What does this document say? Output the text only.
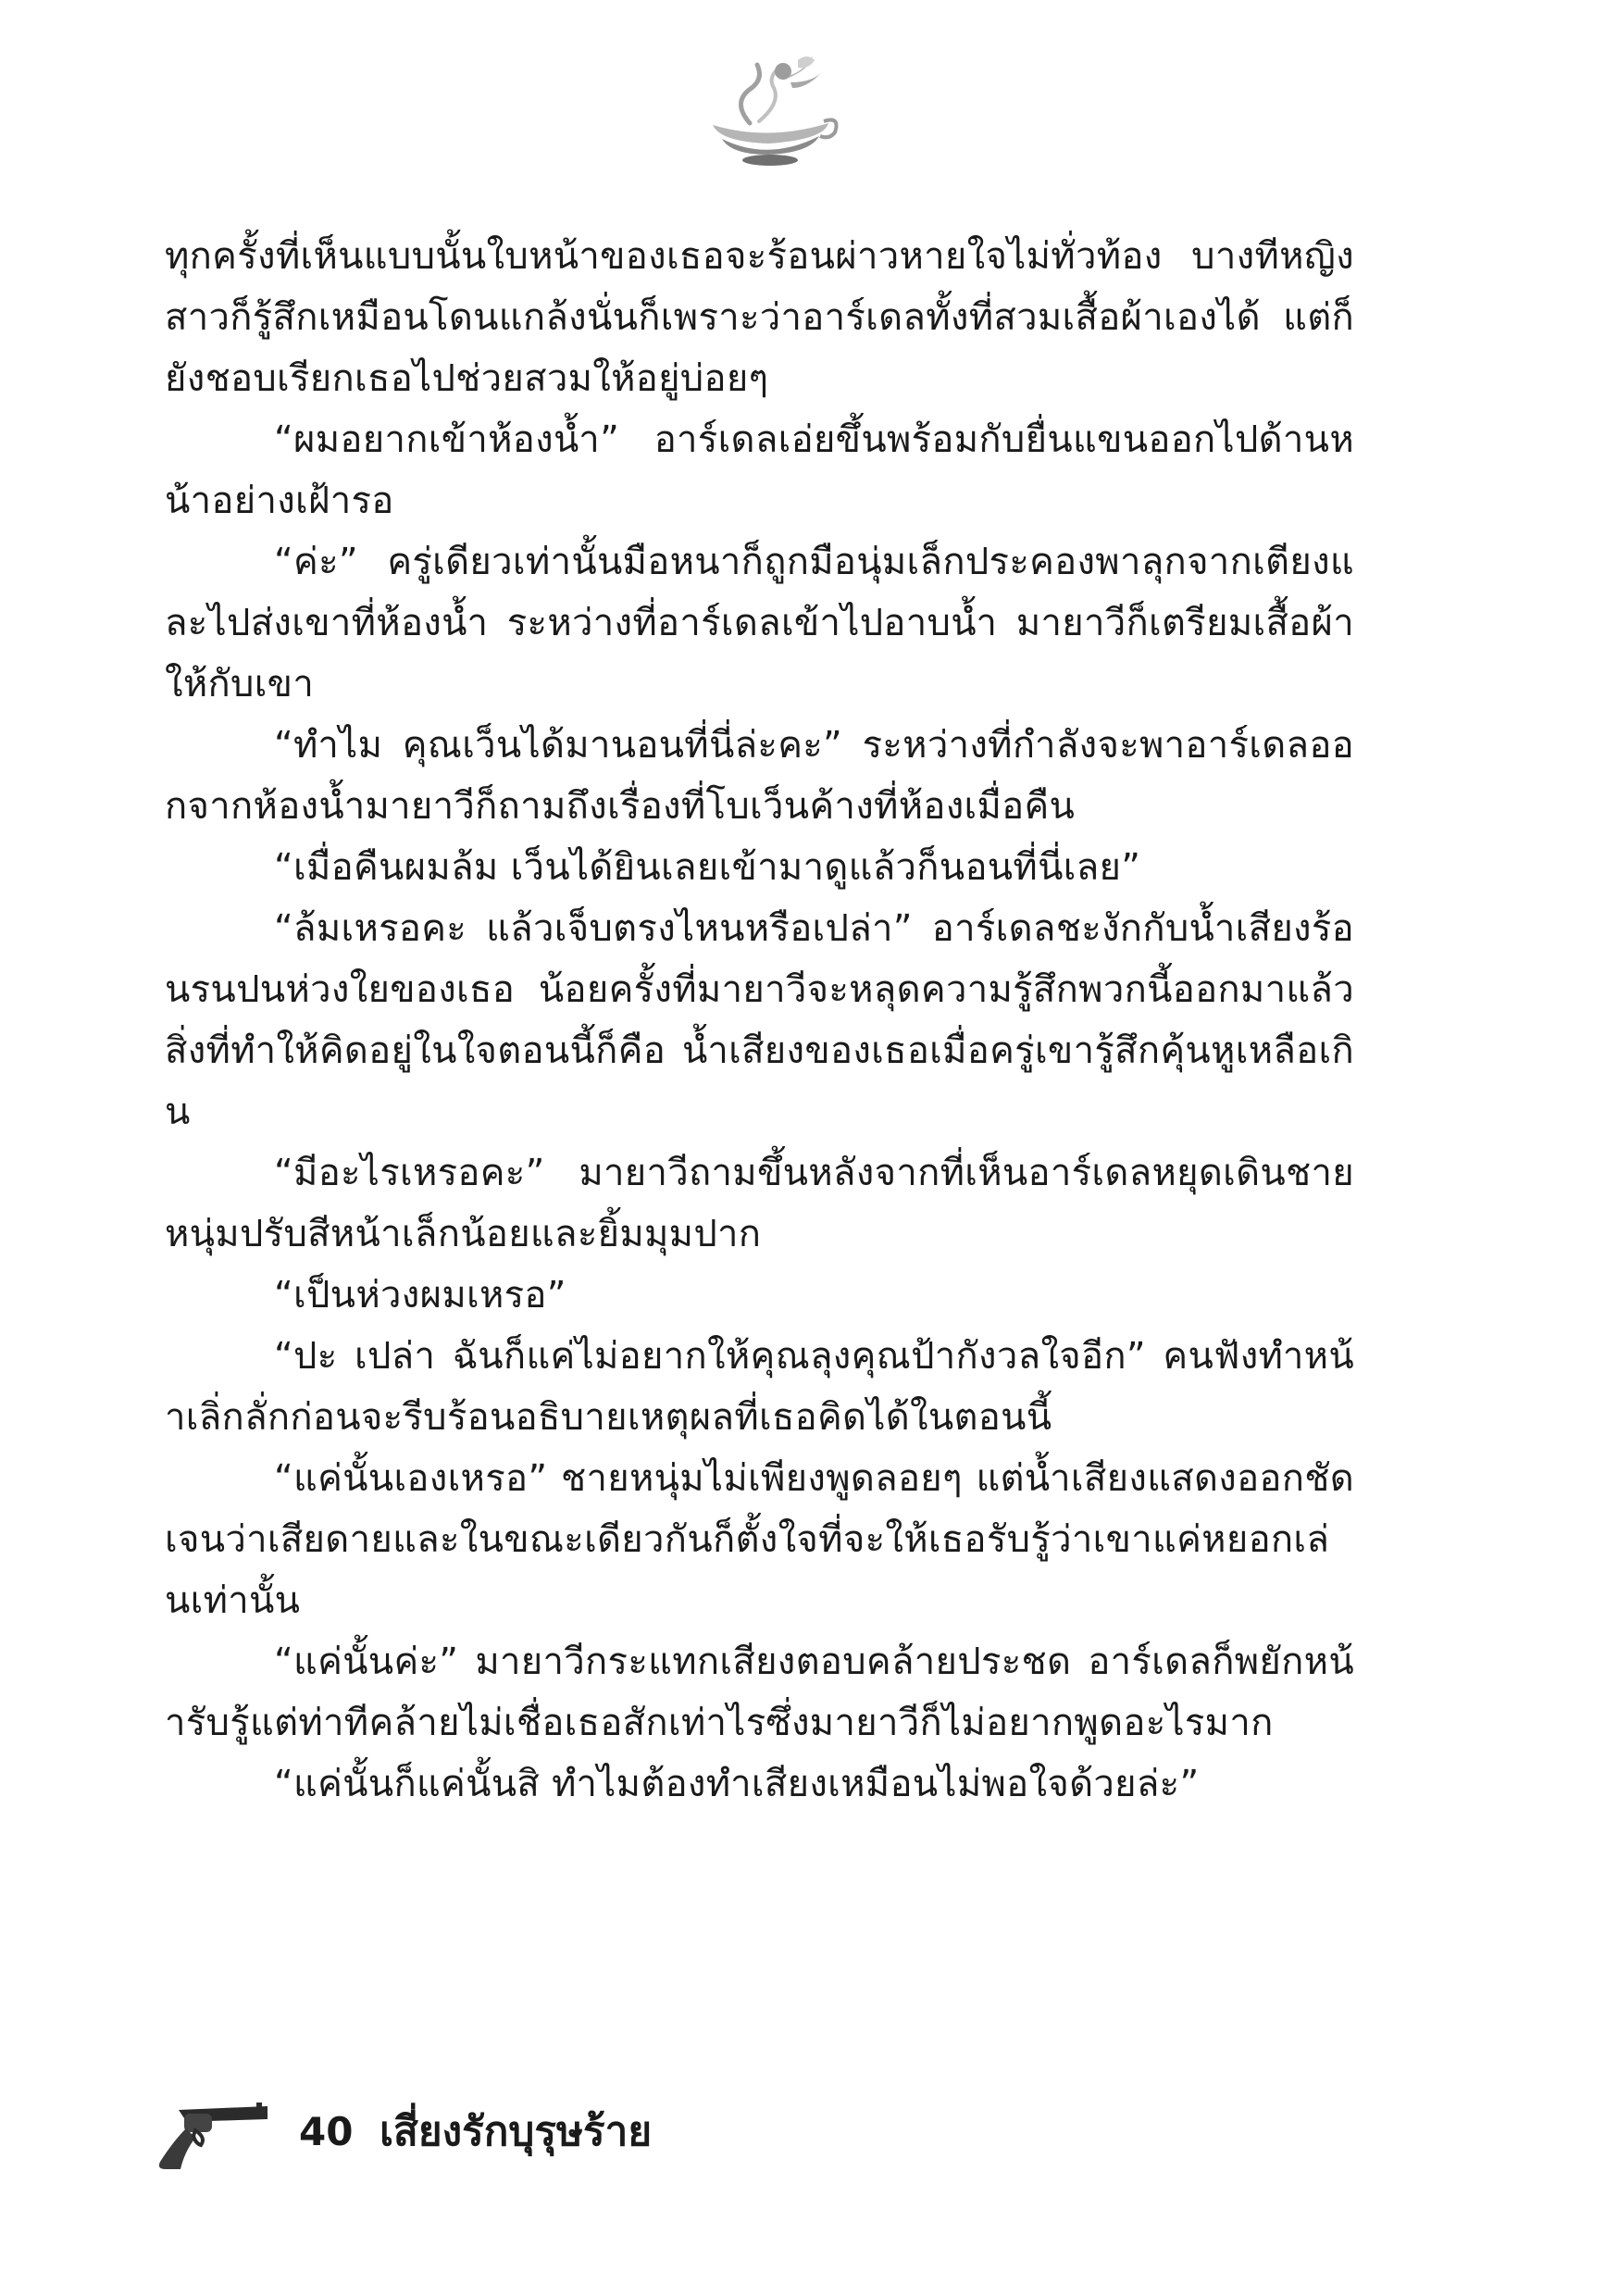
ทุกครั้งที่เห็นแบบนั้นใบหน้าของเธอจะร้อนผ่าวหายใจไม่ทั่วท้อง บางทีหญิงสาวก็รู้สึกเหมือนโดนแกล้งนั่นก็เพราะว่าอาร์เดลทั้งที่สวมเสื้อผ้าเองได้ แต่ก็ยังชอบเรียกเธอไปช่วยสวมให้อยู่บ่อยๆ

“ผมอยากเข้าห้องน้ำ” อาร์เดลเอ่ยขึ้นพร้อมกับยื่นแขนออกไปด้านหน้าอย่างเฝ้ารอ

“ค่ะ” ครู่เดียวเท่านั้นมือหนาก็ถูกมือนุ่มเล็กประคองพาลุกจากเตียงและไปส่งเขาที่ห้องน้ำ ระหว่างที่อาร์เดลเข้าไปอาบน้ำ มายาวีก็เตรียมเสื้อผ้าให้กับเขา

“ทำไม คุณเว็นได้มานอนที่นี่ล่ะคะ” ระหว่างที่กำลังจะพาอาร์เดลออกจากห้องน้ำมายาวีก็ถามถึงเรื่องที่โบเว็นค้างที่ห้องเมื่อคืน

“เมื่อคืนผมล้ม เว็นได้ยินเลยเข้ามาดูแล้วก็นอนที่นี่เลย”

“ล้มเหรอคะ แล้วเจ็บตรงไหนหรือเปล่า” อาร์เดลชะงักกับน้ำเสียงร้อนรนปนห่วงใยของเธอ น้อยครั้งที่มายาวีจะหลุดความรู้สึกพวกนี้ออกมาแล้วสิ่งที่ทำให้คิดอยู่ในใจตอนนี้ก็คือ น้ำเสียงของเธอเมื่อครู่เขารู้สึกคุ้นหูเหลือเกิน

“มีอะไรเหรอคะ” มายาวีถามขึ้นหลังจากที่เห็นอาร์เดลหยุดเดินชายหนุ่มปรับสีหน้าเล็กน้อยและยิ้มมุมปาก

“เป็นห่วงผมเหรอ”

“ปะ เปล่า ฉันก็แค่ไม่อยากให้คุณลุงคุณป้ากังวลใจอีก” คนฟังทำหน้าเลิ่กลั่กก่อนจะรีบร้อนอธิบายเหตุผลที่เธอคิดได้ในตอนนี้

“แค่นั้นเองเหรอ” ชายหนุ่มไม่เพียงพูดลอยๆ แต่น้ำเสียงแสดงออกชัดเจนว่าเสียดายและในขณะเดียวกันก็ตั้งใจที่จะให้เธอรับรู้ว่าเขาแค่หยอกเล่นเท่านั้น

“แค่นั้นค่ะ” มายาวีกระแทกเสียงตอบคล้ายประชด อาร์เดลก็พยักหน้ารับรู้แต่ท่าทีคล้ายไม่เชื่อเธอสักเท่าไรซึ่งมายาวีก็ไม่อยากพูดอะไรมาก

“แค่นั้นก็แค่นั้นสิ ทำไมต้องทำเสียงเหมือนไม่พอใจด้วยล่ะ”

40 เสี่ยงรักบุรุษร้าย
